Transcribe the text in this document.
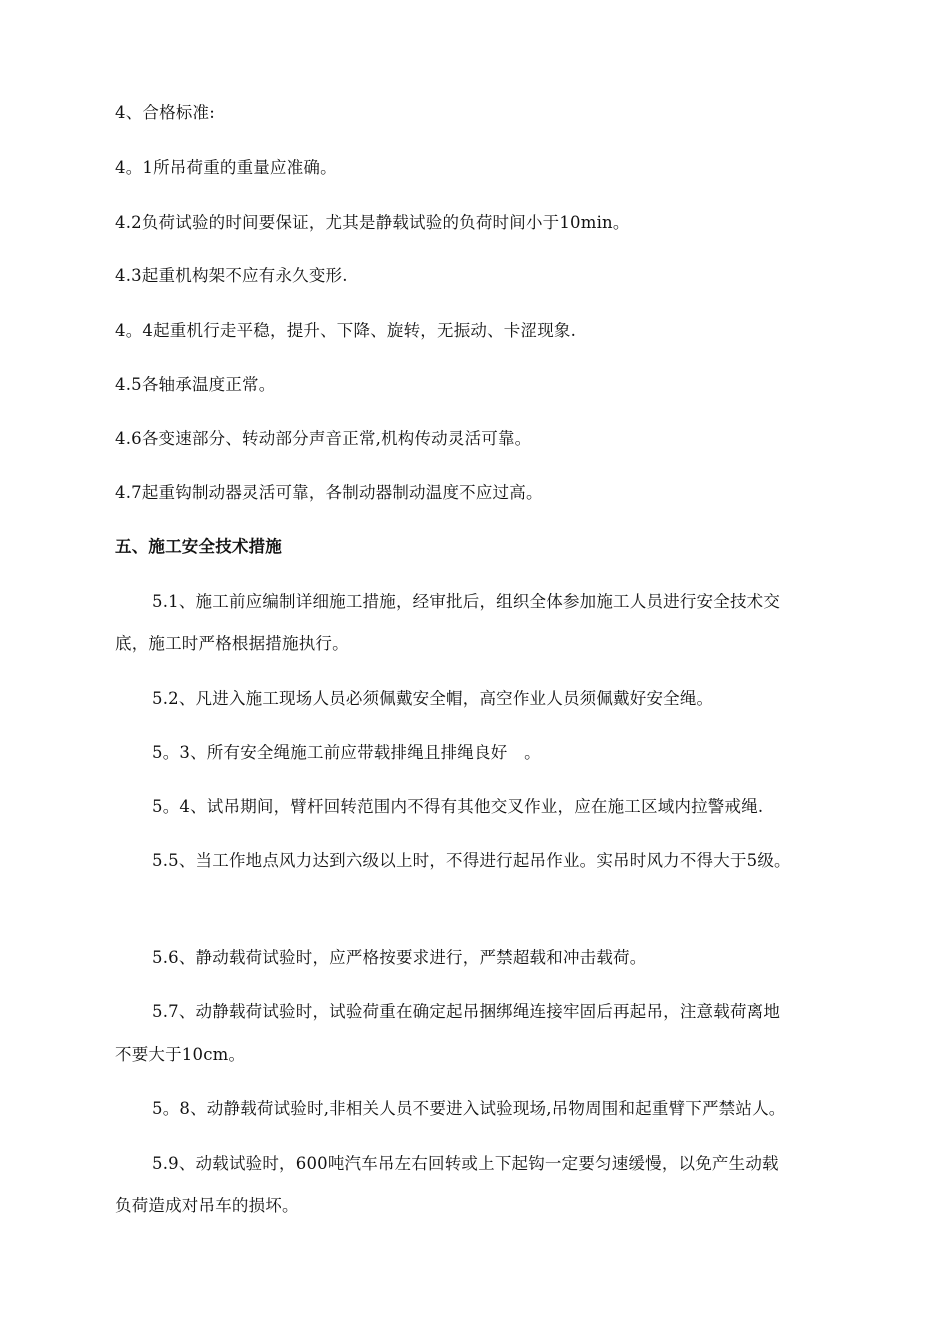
4、合格标准:
4。1所吊荷重的重量应准确。
4.2负荷试验的时间要保证，尤其是静载试验的负荷时间小于10min。
4.3起重机构架不应有永久变形.
4。4起重机行走平稳，提升、下降、旋转，无振动、卡涩现象.
4.5各轴承温度正常。
4.6各变速部分、转动部分声音正常,机构传动灵活可靠。
4.7起重钩制动器灵活可靠，各制动器制动温度不应过高。
五、施工安全技术措施
5.1、施工前应编制详细施工措施，经审批后，组织全体参加施工人员进行安全技术交
底，施工时严格根据措施执行。
5.2、凡进入施工现场人员必须佩戴安全帽，高空作业人员须佩戴好安全绳。
5。3、所有安全绳施工前应带载排绳且排绳良好　。
5。4、试吊期间，臂杆回转范围内不得有其他交叉作业，应在施工区域内拉警戒绳.
5.5、当工作地点风力达到六级以上时，不得进行起吊作业。实吊时风力不得大于5级。
5.6、静动载荷试验时，应严格按要求进行，严禁超载和冲击载荷。
5.7、动静载荷试验时，试验荷重在确定起吊捆绑绳连接牢固后再起吊，注意载荷离地
不要大于10cm。
5。8、动静载荷试验时,非相关人员不要进入试验现场,吊物周围和起重臂下严禁站人。
5.9、动载试验时，600吨汽车吊左右回转或上下起钩一定要匀速缓慢，以免产生动载
负荷造成对吊车的损坏。
